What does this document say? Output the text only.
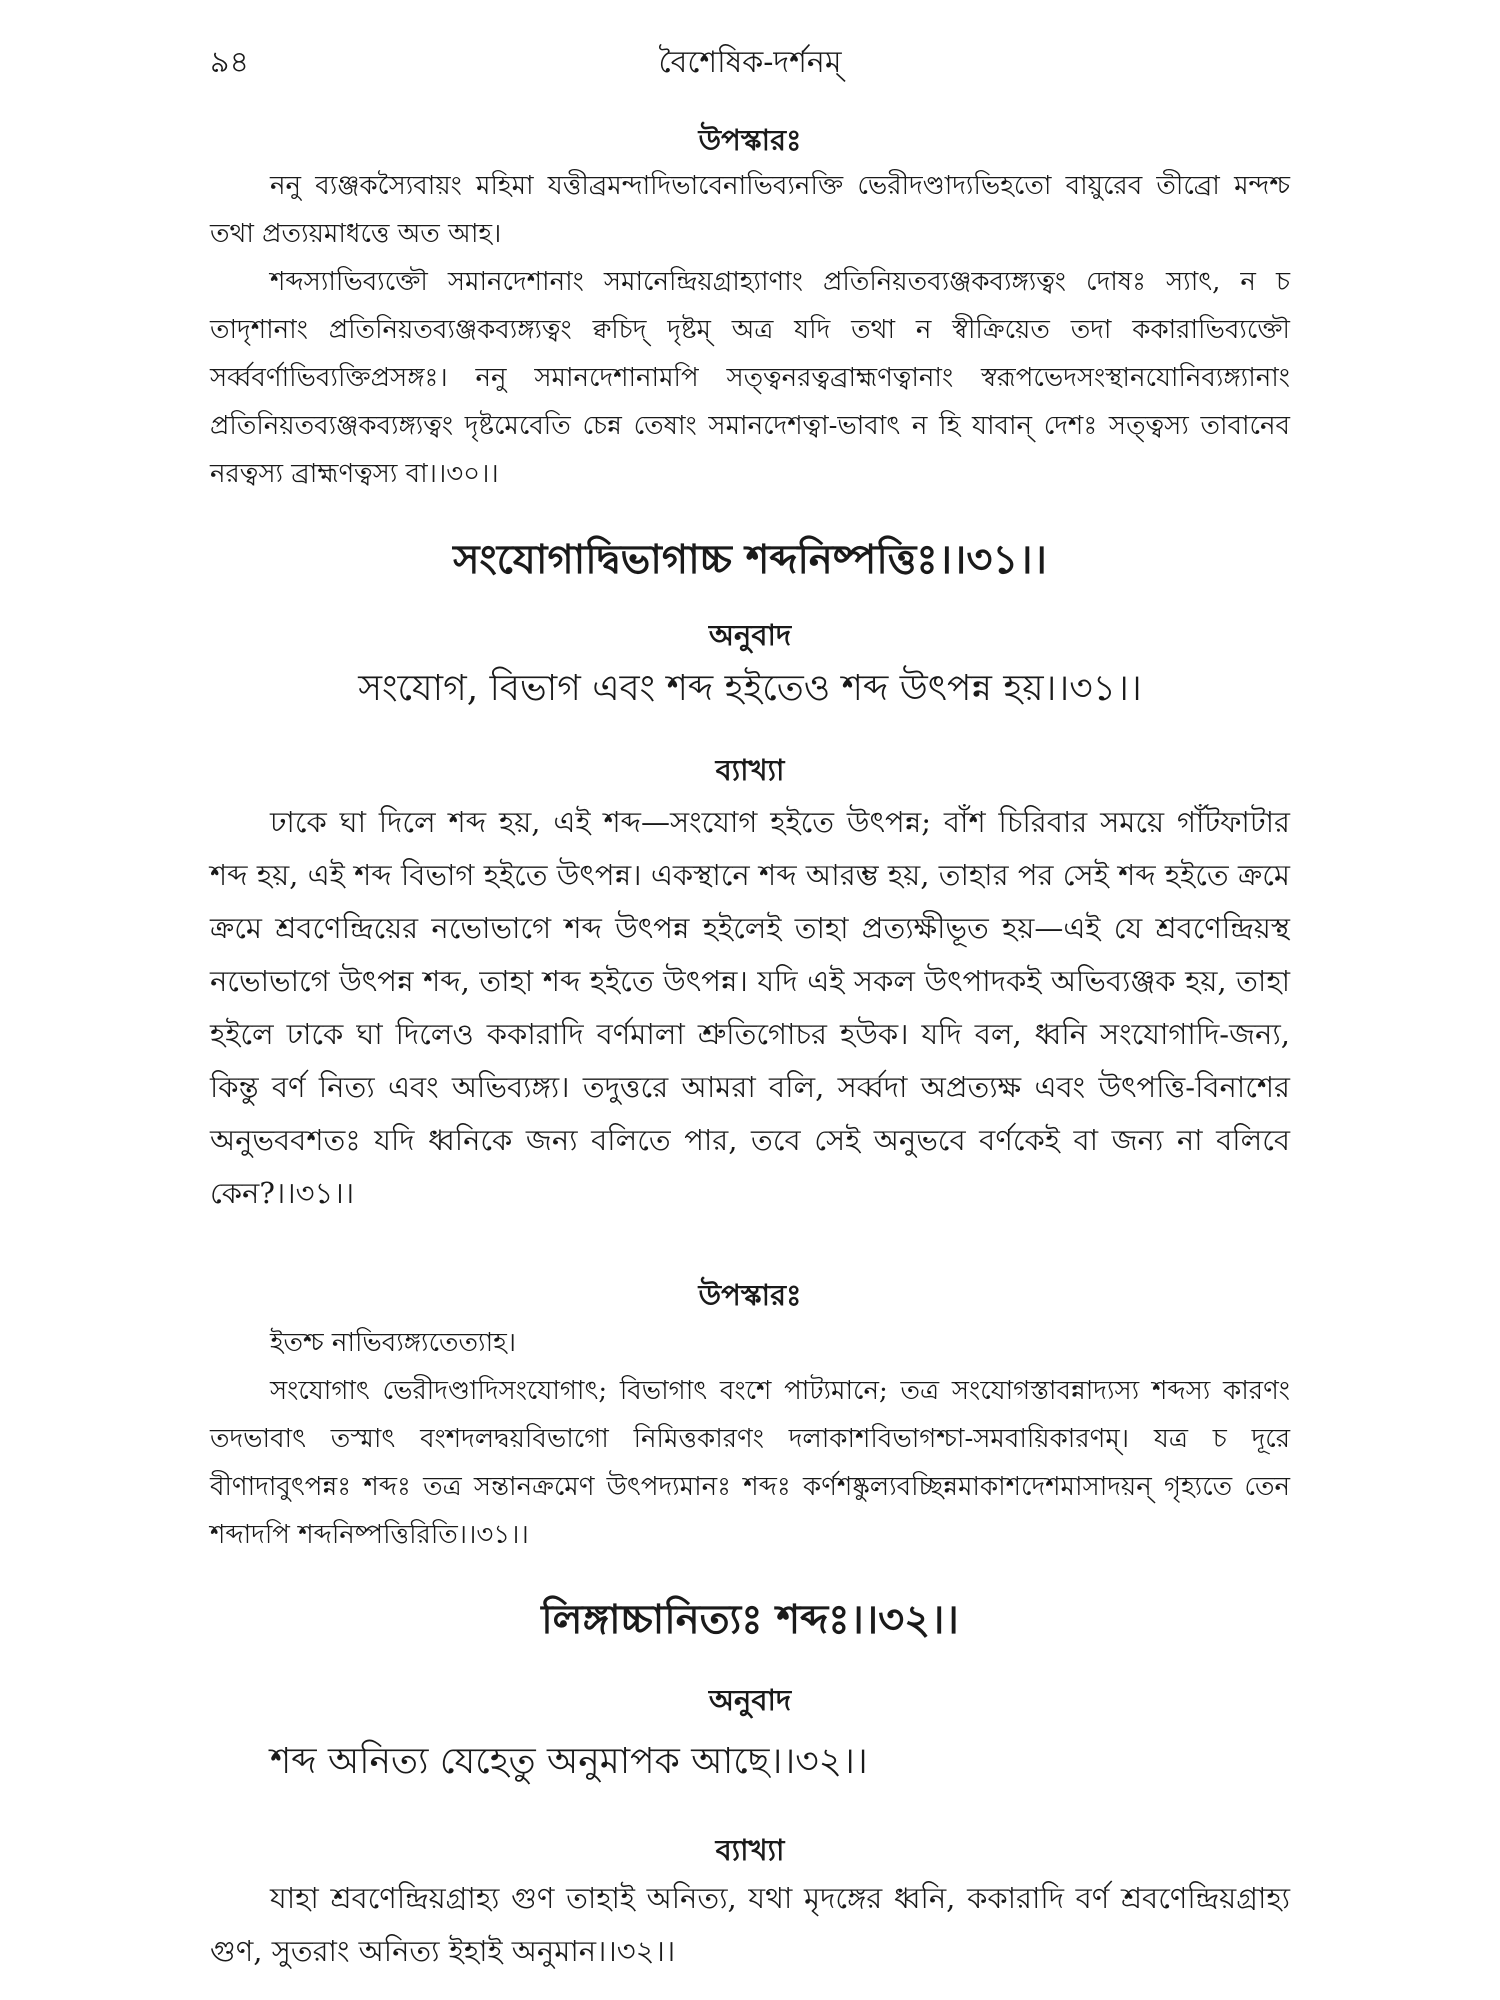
৯৪	বৈশেষিক-দর্শনম্

উপস্কারঃ

ননু ব্যঞ্জকস্যৈবায়ং মহিমা যত্তীব্রমন্দাদিভাবেনাভিব্যনক্তি ভেরীদণ্ডাদ্যভিহতো বায়ুরেব তীব্রো মন্দশ্চ তথা প্রত্যয়মাধত্তে অত আহ।

শব্দস্যাভিব্যক্তৌ সমানদেশানাং সমানেন্দ্রিয়গ্রাহ্যাণাং প্রতিনিয়তব্যঞ্জকব্যঙ্গ্যত্বং দোষঃ স্যাৎ, ন চ তাদৃশানাং প্রতিনিয়তব্যঞ্জকব্যঙ্গ্যত্বং ক্বচিদ্ দৃষ্টম্ অত্র যদি তথা ন স্বীক্রিয়েত তদা ককারাভিব্যক্তৌ সর্ব্ববর্ণাভিব্যক্তিপ্রসঙ্গঃ। ননু সমানদেশানামপি সত্ত্বনরত্বব্রাহ্মণত্বানাং স্বরূপভেদসংস্থানযোনিব্যঙ্গ্যানাং প্রতিনিয়তব্যঞ্জকব্যঙ্গ্যত্বং দৃষ্টমেবেতি চেন্ন তেষাং সমানদেশত্বা-ভাবাৎ ন হি যাবান্ দেশঃ সত্ত্বস্য তাবানেব নরত্বস্য ব্রাহ্মণত্বস্য বা।।৩০।।

সংযোগাদ্বিভাগাচ্চ শব্দনিষ্পত্তিঃ।।৩১।।

অনুবাদ

সংযোগ, বিভাগ এবং শব্দ হইতেও শব্দ উৎপন্ন হয়।।৩১।।

ব্যাখ্যা

ঢাকে ঘা দিলে শব্দ হয়, এই শব্দ—সংযোগ হইতে উৎপন্ন; বাঁশ চিরিবার সময়ে গাঁটফাটার শব্দ হয়, এই শব্দ বিভাগ হইতে উৎপন্ন। একস্থানে শব্দ আরম্ভ হয়, তাহার পর সেই শব্দ হইতে ক্রমে ক্রমে শ্রবণেন্দ্রিয়ের নভোভাগে শব্দ উৎপন্ন হইলেই তাহা প্রত্যক্ষীভূত হয়—এই যে শ্রবণেন্দ্রিয়স্থ নভোভাগে উৎপন্ন শব্দ, তাহা শব্দ হইতে উৎপন্ন। যদি এই সকল উৎপাদকই অভিব্যঞ্জক হয়, তাহা হইলে ঢাকে ঘা দিলেও ককারাদি বর্ণমালা শ্রুতিগোচর হউক। যদি বল, ধ্বনি সংযোগাদি-জন্য, কিন্তু বর্ণ নিত্য এবং অভিব্যঙ্গ্য। তদুত্তরে আমরা বলি, সর্ব্বদা অপ্রত্যক্ষ এবং উৎপত্তি-বিনাশের অনুভববশতঃ যদি ধ্বনিকে জন্য বলিতে পার, তবে সেই অনুভবে বর্ণকেই বা জন্য না বলিবে কেন?।।৩১।।

উপস্কারঃ

ইতশ্চ নাভিব্যঙ্গ্যতেত্যাহ।

সংযোগাৎ ভেরীদণ্ডাদিসংযোগাৎ; বিভাগাৎ বংশে পাট্যমানে; তত্র সংযোগস্তাবন্নাদ্যস্য শব্দস্য কারণং তদভাবাৎ তস্মাৎ বংশদলদ্বয়বিভাগো নিমিত্তকারণং দলাকাশবিভাগশ্চা-সমবায়িকারণম্। যত্র চ দূরে বীণাদাবুৎপন্নঃ শব্দঃ তত্র সন্তানক্রমেণ উৎপদ্যমানঃ শব্দঃ কর্ণশষ্কুল্যবচ্ছিন্নমাকাশদেশমাসাদয়ন্ গৃহ্যতে তেন শব্দাদপি শব্দনিষ্পত্তিরিতি।।৩১।।

লিঙ্গাচ্চানিত্যঃ শব্দঃ।।৩২।।

অনুবাদ

শব্দ অনিত্য যেহেতু অনুমাপক আছে।।৩২।।

ব্যাখ্যা

যাহা শ্রবণেন্দ্রিয়গ্রাহ্য গুণ তাহাই অনিত্য, যথা মৃদঙ্গের ধ্বনি, ককারাদি বর্ণ শ্রবণেন্দ্রিয়গ্রাহ্য গুণ, সুতরাং অনিত্য ইহাই অনুমান।।৩২।।
